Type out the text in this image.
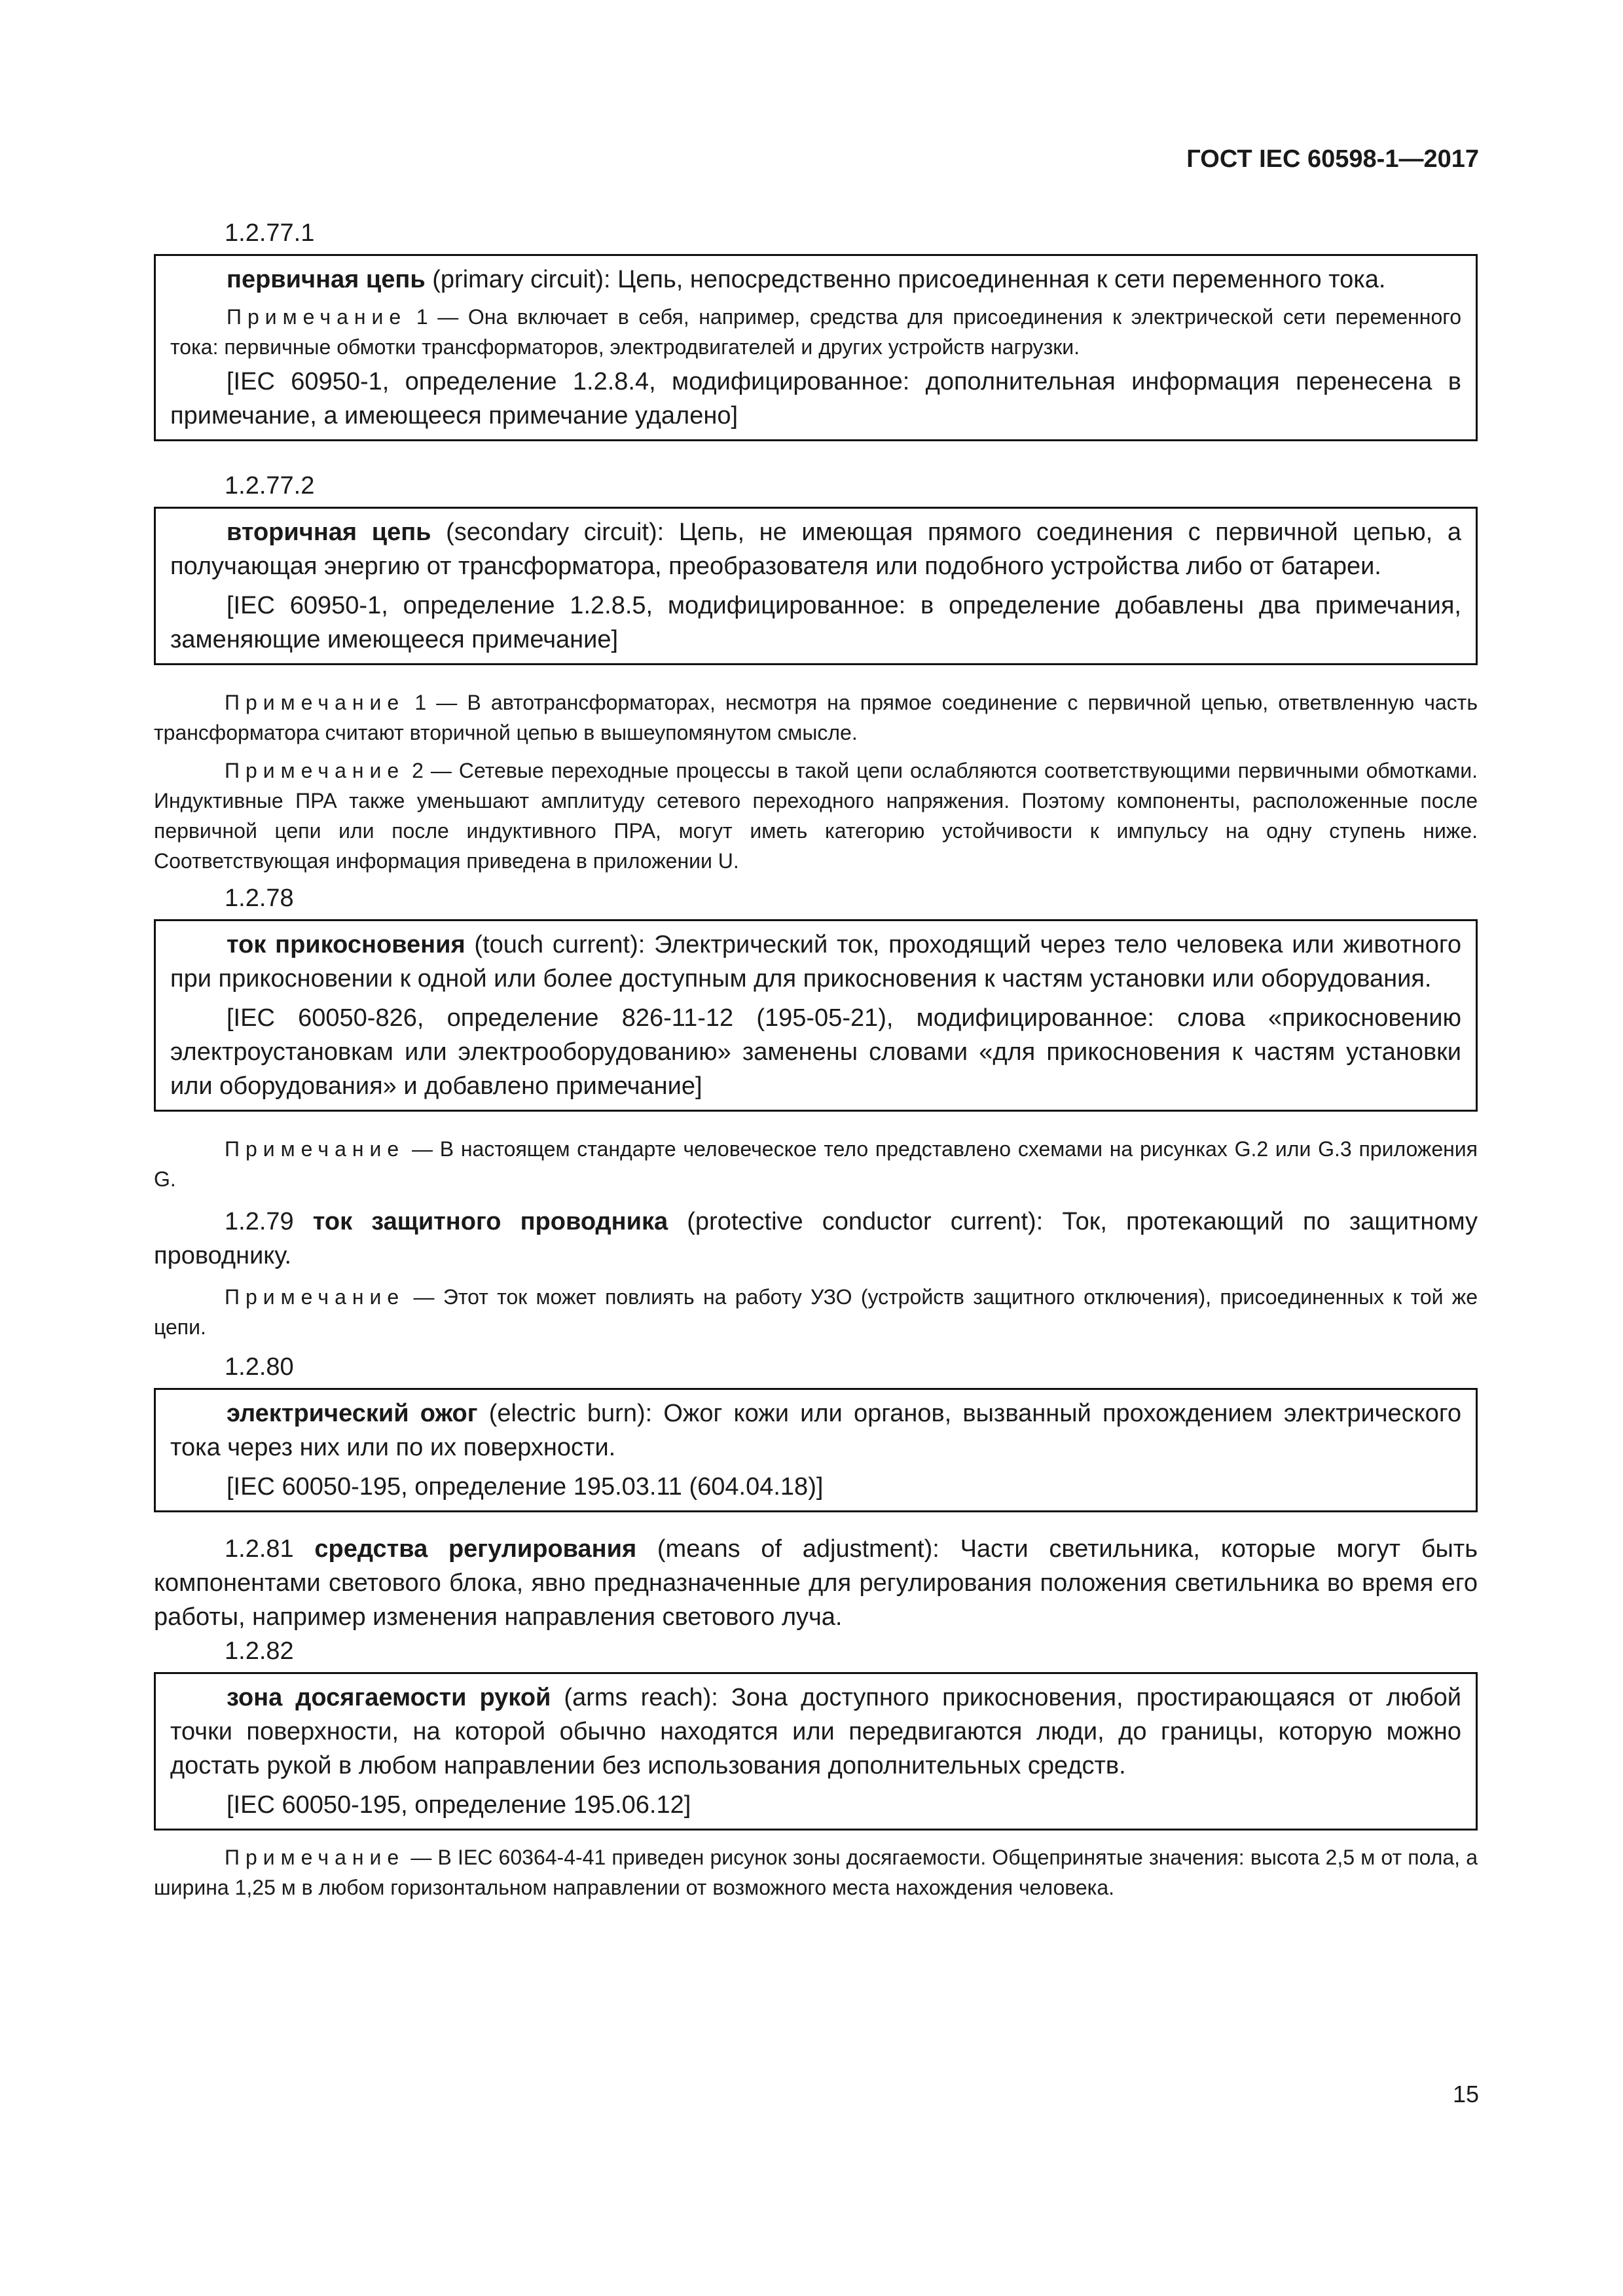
ГОСТ IEC 60598-1—2017

1.2.77.1

первичная цепь (primary circuit): Цепь, непосредственно присоединенная к сети переменного тока.

Примечание 1 — Она включает в себя, например, средства для присоединения к электрической сети переменного тока: первичные обмотки трансформаторов, электродвигателей и других устройств нагрузки.

[IEC 60950-1, определение 1.2.8.4, модифицированное: дополнительная информация перенесена в примечание, а имеющееся примечание удалено]

1.2.77.2

вторичная цепь (secondary circuit): Цепь, не имеющая прямого соединения с первичной цепью, а получающая энергию от трансформатора, преобразователя или подобного устройства либо от батареи.

[IEC 60950-1, определение 1.2.8.5, модифицированное: в определение добавлены два примечания, заменяющие имеющееся примечание]

Примечание 1 — В автотрансформаторах, несмотря на прямое соединение с первичной цепью, ответвленную часть трансформатора считают вторичной цепью в вышеупомянутом смысле.

Примечание 2 — Сетевые переходные процессы в такой цепи ослабляются соответствующими первичными обмотками. Индуктивные ПРА также уменьшают амплитуду сетевого переходного напряжения. Поэтому компоненты, расположенные после первичной цепи или после индуктивного ПРА, могут иметь категорию устойчивости к импульсу на одну ступень ниже. Соответствующая информация приведена в приложении U.

1.2.78

ток прикосновения (touch current): Электрический ток, проходящий через тело человека или животного при прикосновении к одной или более доступным для прикосновения к частям установки или оборудования.

[IEC 60050-826, определение 826-11-12 (195-05-21), модифицированное: слова «прикосновению электроустановкам или электрооборудованию» заменены словами «для прикосновения к частям установки или оборудования» и добавлено примечание]

Примечание — В настоящем стандарте человеческое тело представлено схемами на рисунках G.2 или G.3 приложения G.

1.2.79 ток защитного проводника (protective conductor current): Ток, протекающий по защитному проводнику.

Примечание — Этот ток может повлиять на работу УЗО (устройств защитного отключения), присоединенных к той же цепи.

1.2.80

электрический ожог (electric burn): Ожог кожи или органов, вызванный прохождением электрического тока через них или по их поверхности.

[IEC 60050-195, определение 195.03.11 (604.04.18)]

1.2.81 средства регулирования (means of adjustment): Части светильника, которые могут быть компонентами светового блока, явно предназначенные для регулирования положения светильника во время его работы, например изменения направления светового луча.

1.2.82

зона досягаемости рукой (arms reach): Зона доступного прикосновения, простирающаяся от любой точки поверхности, на которой обычно находятся или передвигаются люди, до границы, которую можно достать рукой в любом направлении без использования дополнительных средств.

[IEC 60050-195, определение 195.06.12]

Примечание — В IEC 60364-4-41 приведен рисунок зоны досягаемости. Общепринятые значения: высота 2,5 м от пола, а ширина 1,25 м в любом горизонтальном направлении от возможного места нахождения человека.

15
